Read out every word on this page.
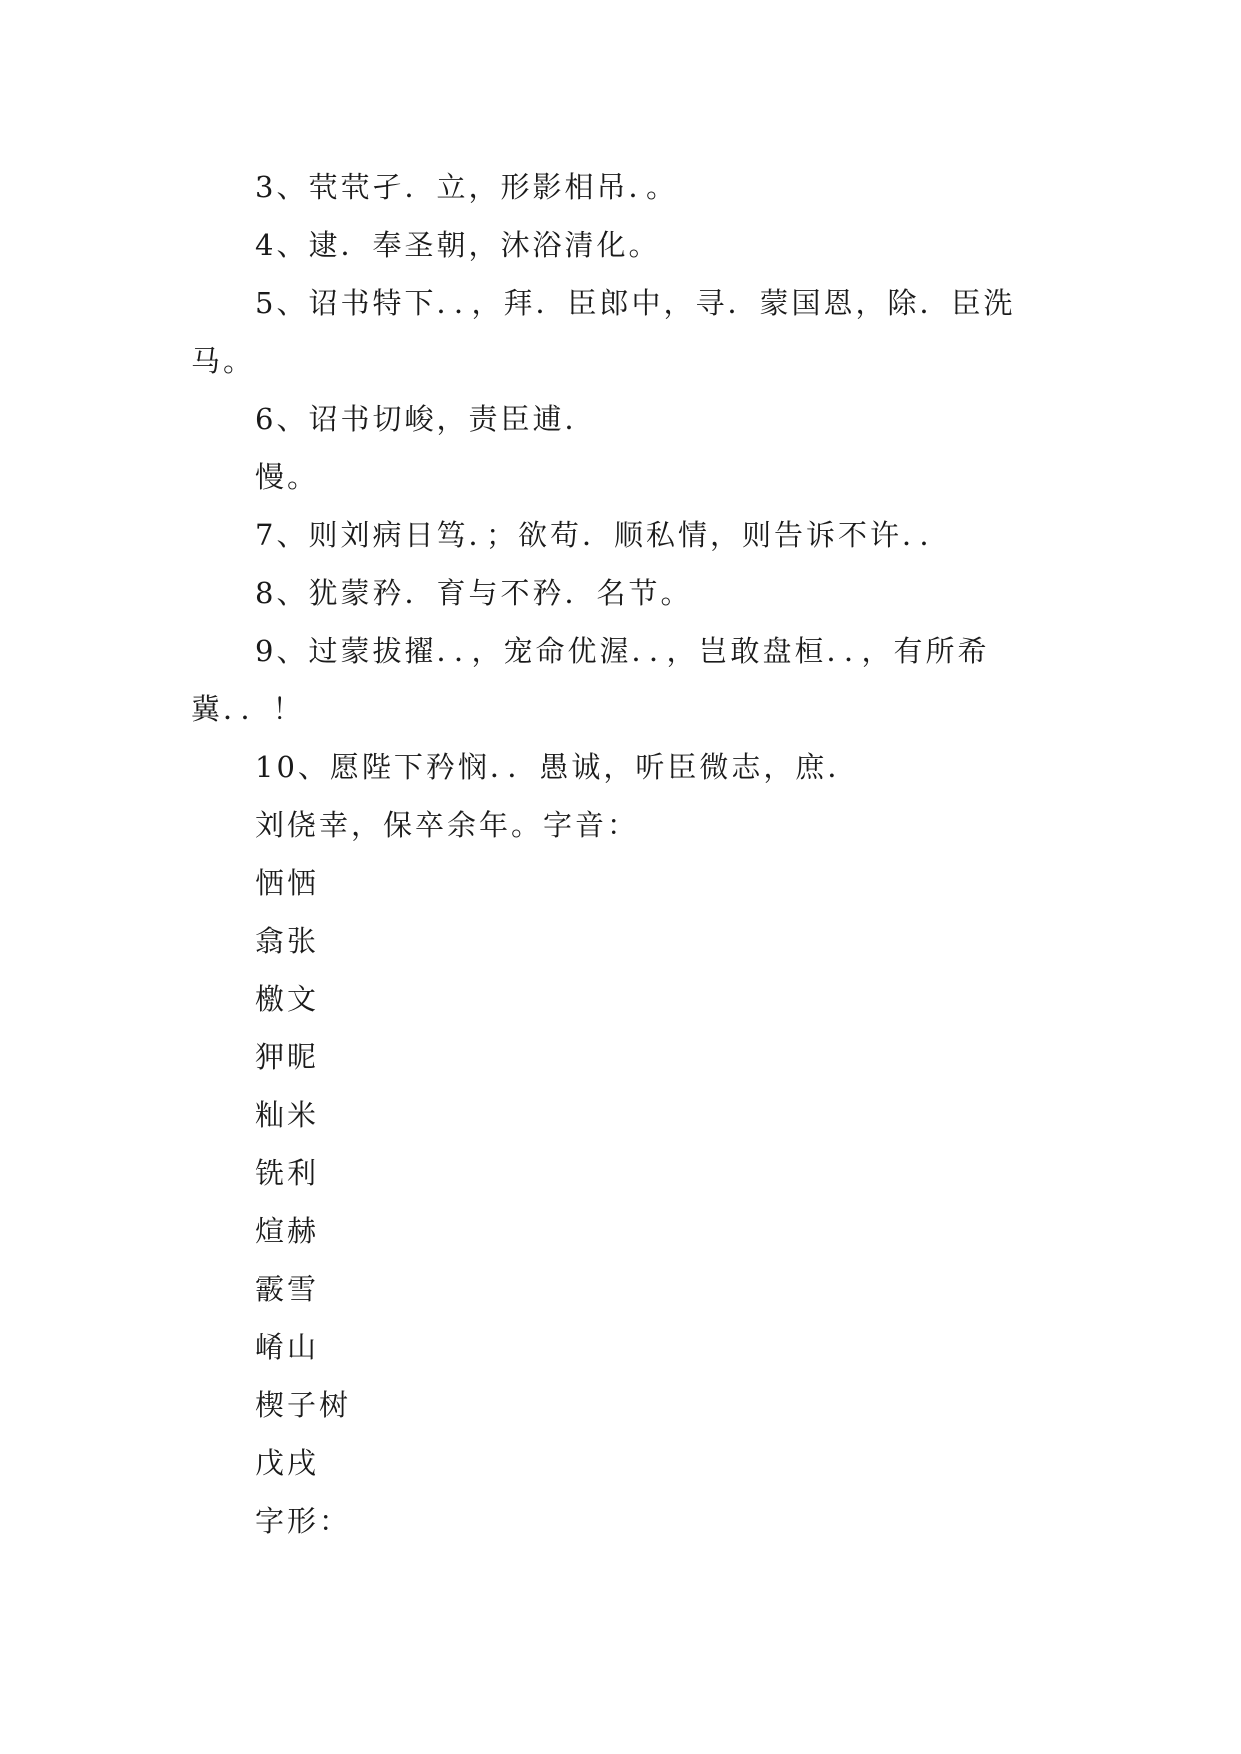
3、茕茕孑．立，形影相吊．。

4、逮．奉圣朝，沐浴清化。

5、诏书特下．．，拜．臣郎中，寻．蒙国恩，除．臣洗马。

6、诏书切峻，责臣逋．

慢。

7、则刘病日笃．；欲苟．顺私情，则告诉不许．．

8、犹蒙矜．育与不矜．名节。

9、过蒙拔擢．．，宠命优渥．．，岂敢盘桓．．，有所希冀．．！

10、愿陛下矜悯．．愚诚，听臣微志，庶．

刘侥幸，保卒余年。字音：

恓恓

翕张

檄文

狎昵

籼米

铣利

煊赫

霰雪

崤山

楔子树

戊戌

字形：
